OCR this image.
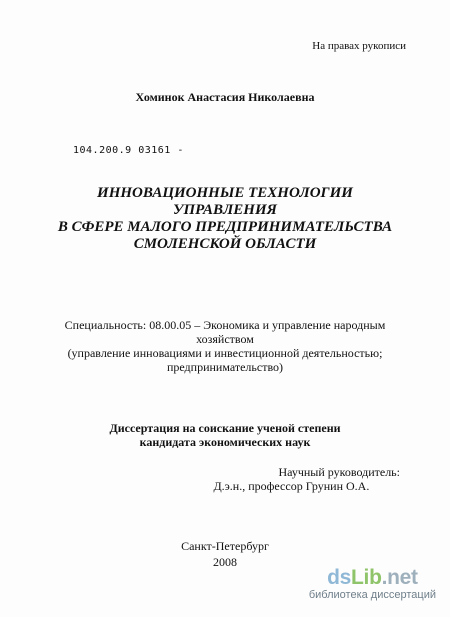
На правах рукописи
Хоминок Анастасия Николаевна
104.200.9 03161 -
ИННОВАЦИОННЫЕ ТЕХНОЛОГИИ
УПРАВЛЕНИЯ
В СФЕРЕ МАЛОГО ПРЕДПРИНИМАТЕЛЬСТВА
СМОЛЕНСКОЙ ОБЛАСТИ
Специальность: 08.00.05 – Экономика и управление народным
хозяйством
(управление инновациями и инвестиционной деятельностью;
предпринимательство)
Диссертация на соискание ученой степени
кандидата экономических наук
Научный руководитель:
Д.э.н., профессор Грунин О.А.
Санкт-Петербург
2008
dsLib.net
библиотека диссертаций
